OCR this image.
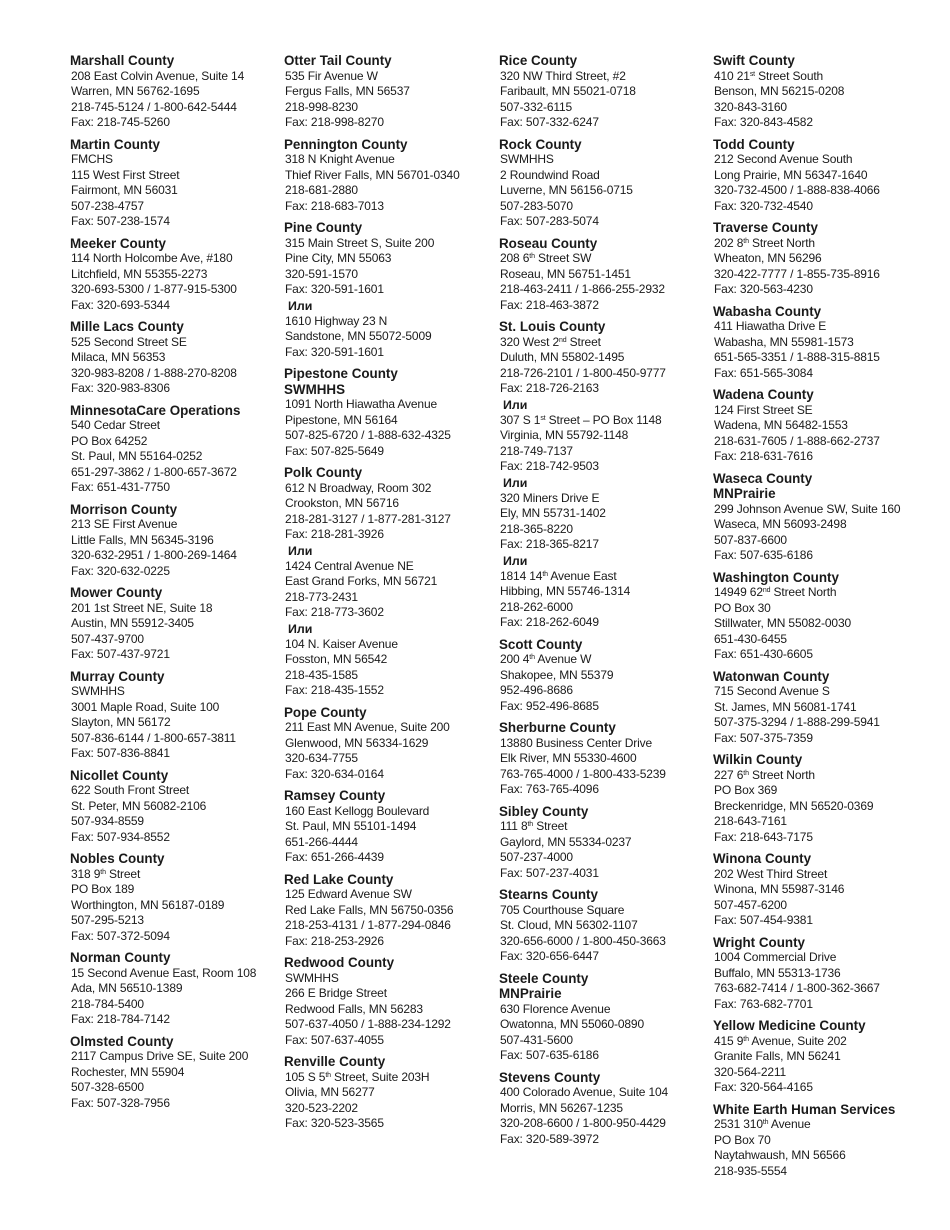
Marshall County
208 East Colvin Avenue, Suite 14
Warren, MN 56762-1695
218-745-5124 / 1-800-642-5444
Fax: 218-745-5260
Martin County
FMCHS
115 West First Street
Fairmont, MN 56031
507-238-4757
Fax: 507-238-1574
Meeker County
114 North Holcombe Ave, #180
Litchfield, MN 55355-2273
320-693-5300 / 1-877-915-5300
Fax: 320-693-5344
Mille Lacs County
525 Second Street SE
Milaca, MN 56353
320-983-8208 / 1-888-270-8208
Fax: 320-983-8306
MinnesotaCare Operations
540 Cedar Street
PO Box 64252
St. Paul, MN 55164-0252
651-297-3862 / 1-800-657-3672
Fax: 651-431-7750
Morrison County
213 SE First Avenue
Little Falls, MN 56345-3196
320-632-2951 / 1-800-269-1464
Fax: 320-632-0225
Mower County
201 1st Street NE, Suite 18
Austin, MN 55912-3405
507-437-9700
Fax: 507-437-9721
Murray County
SWMHHS
3001 Maple Road, Suite 100
Slayton, MN 56172
507-836-6144 / 1-800-657-3811
Fax: 507-836-8841
Nicollet County
622 South Front Street
St. Peter, MN 56082-2106
507-934-8559
Fax: 507-934-8552
Nobles County
318 9th Street
PO Box 189
Worthington, MN 56187-0189
507-295-5213
Fax: 507-372-5094
Norman County
15 Second Avenue East, Room 108
Ada, MN 56510-1389
218-784-5400
Fax: 218-784-7142
Olmsted County
2117 Campus Drive SE, Suite 200
Rochester, MN 55904
507-328-6500
Fax: 507-328-7956
Otter Tail County
535 Fir Avenue W
Fergus Falls, MN 56537
218-998-8230
Fax: 218-998-8270
Pennington County
318 N Knight Avenue
Thief River Falls, MN 56701-0340
218-681-2880
Fax: 218-683-7013
Pine County
315 Main Street S, Suite 200
Pine City, MN 55063
320-591-1570
Fax: 320-591-1601
Или
1610 Highway 23 N
Sandstone, MN 55072-5009
Fax: 320-591-1601
Pipestone County
SWMHHS
1091 North Hiawatha Avenue
Pipestone, MN 56164
507-825-6720 / 1-888-632-4325
Fax: 507-825-5649
Polk County
612 N Broadway, Room 302
Crookston, MN 56716
218-281-3127 / 1-877-281-3127
Fax: 218-281-3926
Или
1424 Central Avenue NE
East Grand Forks, MN 56721
218-773-2431
Fax: 218-773-3602
Или
104 N. Kaiser Avenue
Fosston, MN 56542
218-435-1585
Fax: 218-435-1552
Pope County
211 East MN Avenue, Suite 200
Glenwood, MN 56334-1629
320-634-7755
Fax: 320-634-0164
Ramsey County
160 East Kellogg Boulevard
St. Paul, MN 55101-1494
651-266-4444
Fax: 651-266-4439
Red Lake County
125 Edward Avenue SW
Red Lake Falls, MN 56750-0356
218-253-4131 / 1-877-294-0846
Fax: 218-253-2926
Redwood County
SWMHHS
266 E Bridge Street
Redwood Falls, MN 56283
507-637-4050 / 1-888-234-1292
Fax: 507-637-4055
Renville County
105 S 5th Street, Suite 203H
Olivia, MN 56277
320-523-2202
Fax: 320-523-3565
Rice County
320 NW Third Street, #2
Faribault, MN 55021-0718
507-332-6115
Fax: 507-332-6247
Rock County
SWMHHS
2 Roundwind Road
Luverne, MN 56156-0715
507-283-5070
Fax: 507-283-5074
Roseau County
208 6th Street SW
Roseau, MN 56751-1451
218-463-2411 / 1-866-255-2932
Fax: 218-463-3872
St. Louis County
320 West 2nd Street
Duluth, MN 55802-1495
218-726-2101 / 1-800-450-9777
Fax: 218-726-2163
Или
307 S 1st Street – PO Box 1148
Virginia, MN 55792-1148
218-749-7137
Fax: 218-742-9503
Или
320 Miners Drive E
Ely, MN 55731-1402
218-365-8220
Fax: 218-365-8217
Или
1814 14th Avenue East
Hibbing, MN 55746-1314
218-262-6000
Fax: 218-262-6049
Scott County
200 4th Avenue W
Shakopee, MN 55379
952-496-8686
Fax: 952-496-8685
Sherburne County
13880 Business Center Drive
Elk River, MN 55330-4600
763-765-4000 / 1-800-433-5239
Fax: 763-765-4096
Sibley County
111 8th Street
Gaylord, MN 55334-0237
507-237-4000
Fax: 507-237-4031
Stearns County
705 Courthouse Square
St. Cloud, MN 56302-1107
320-656-6000 / 1-800-450-3663
Fax: 320-656-6447
Steele County
MNPrairie
630 Florence Avenue
Owatonna, MN 55060-0890
507-431-5600
Fax: 507-635-6186
Stevens County
400 Colorado Avenue, Suite 104
Morris, MN 56267-1235
320-208-6600 / 1-800-950-4429
Fax: 320-589-3972
Swift County
410 21st Street South
Benson, MN 56215-0208
320-843-3160
Fax: 320-843-4582
Todd County
212 Second Avenue South
Long Prairie, MN 56347-1640
320-732-4500 / 1-888-838-4066
Fax: 320-732-4540
Traverse County
202 8th Street North
Wheaton, MN 56296
320-422-7777 / 1-855-735-8916
Fax: 320-563-4230
Wabasha County
411 Hiawatha Drive E
Wabasha, MN 55981-1573
651-565-3351 / 1-888-315-8815
Fax: 651-565-3084
Wadena County
124 First Street SE
Wadena, MN 56482-1553
218-631-7605 / 1-888-662-2737
Fax: 218-631-7616
Waseca County
MNPrairie
299 Johnson Avenue SW, Suite 160
Waseca, MN 56093-2498
507-837-6600
Fax: 507-635-6186
Washington County
14949 62nd Street North
PO Box 30
Stillwater, MN 55082-0030
651-430-6455
Fax: 651-430-6605
Watonwan County
715 Second Avenue S
St. James, MN 56081-1741
507-375-3294 / 1-888-299-5941
Fax: 507-375-7359
Wilkin County
227 6th Street North
PO Box 369
Breckenridge, MN 56520-0369
218-643-7161
Fax: 218-643-7175
Winona County
202 West Third Street
Winona, MN 55987-3146
507-457-6200
Fax: 507-454-9381
Wright County
1004 Commercial Drive
Buffalo, MN 55313-1736
763-682-7414 / 1-800-362-3667
Fax: 763-682-7701
Yellow Medicine County
415 9th Avenue, Suite 202
Granite Falls, MN 56241
320-564-2211
Fax: 320-564-4165
White Earth Human Services
2531 310th Avenue
PO Box 70
Naytahwaush, MN 56566
218-935-5554
